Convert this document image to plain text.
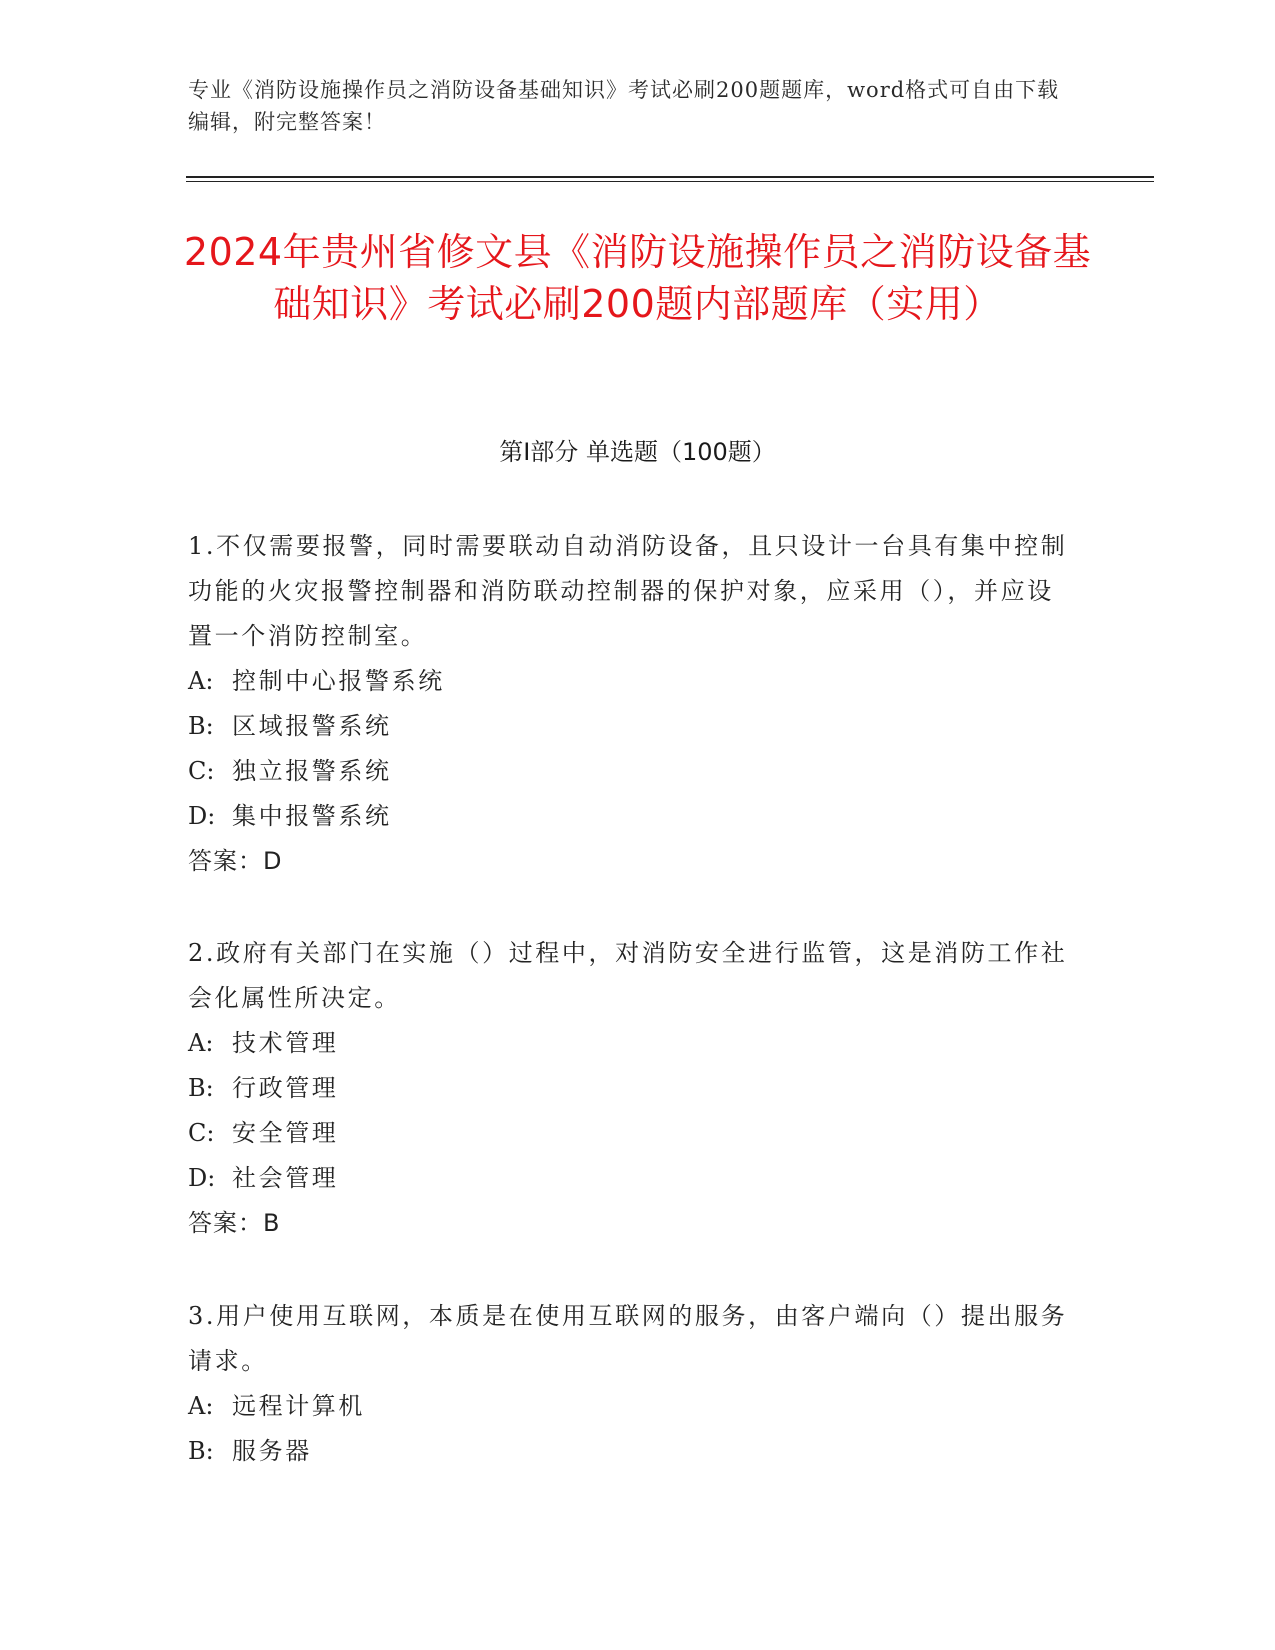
专业《消防设施操作员之消防设备基础知识》考试必刷200题题库，word格式可自由下载编辑，附完整答案！
2024年贵州省修文县《消防设施操作员之消防设备基础知识》考试必刷200题内部题库（实用）
第Ⅰ部分 单选题（100题）

1.不仅需要报警，同时需要联动自动消防设备，且只设计一台具有集中控制功能的火灾报警控制器和消防联动控制器的保护对象，应采用（），并应设置一个消防控制室。

A: 控制中心报警系统

B: 区域报警系统

C: 独立报警系统

D: 集中报警系统

答案：D

2.政府有关部门在实施（）过程中，对消防安全进行监管，这是消防工作社会化属性所决定。

A: 技术管理

B: 行政管理

C: 安全管理

D: 社会管理

答案：B

3.用户使用互联网，本质是在使用互联网的服务，由客户端向（）提出服务请求。

A: 远程计算机

B: 服务器
